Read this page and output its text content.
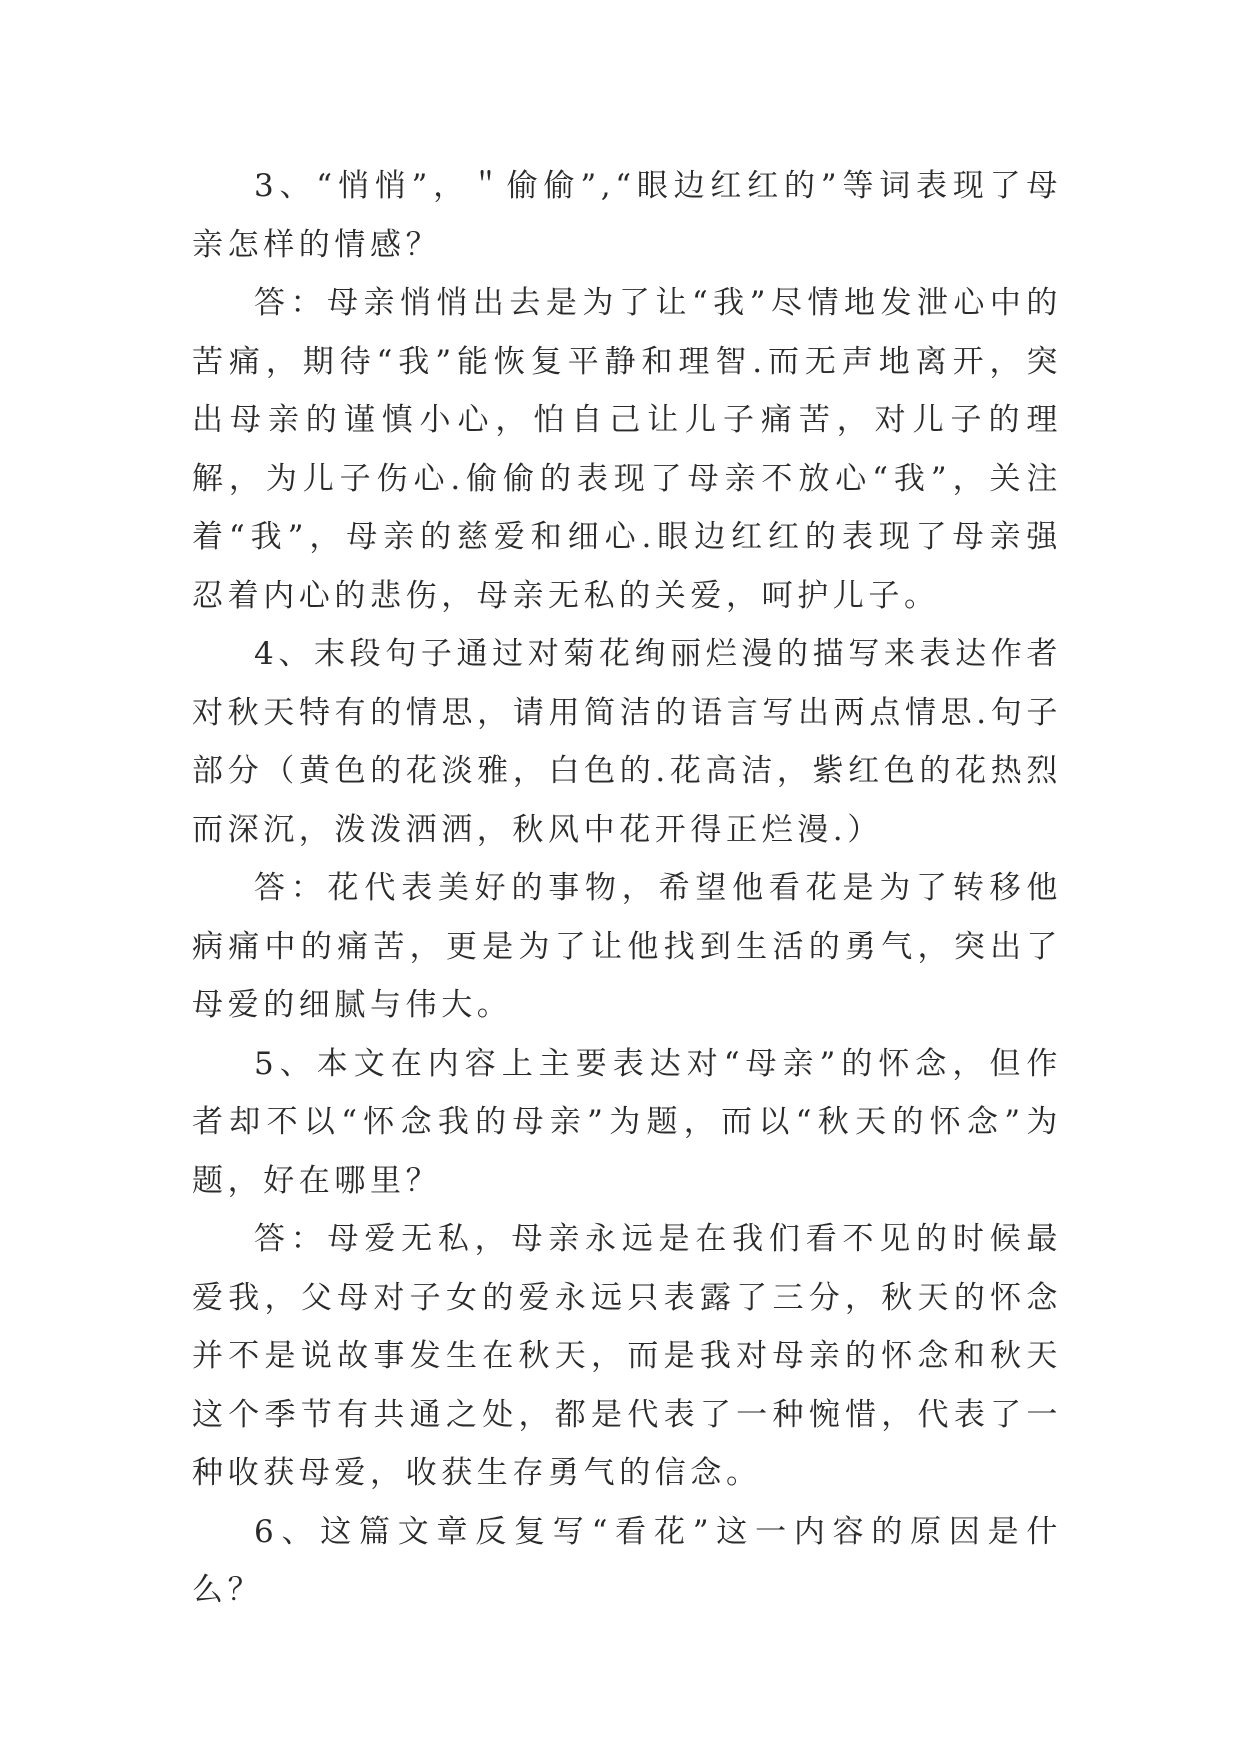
3、“悄悄”，＂偷偷”,“眼边红红的”等词表现了母亲怎样的情感？

答：母亲悄悄出去是为了让“我”尽情地发泄心中的苦痛，期待“我”能恢复平静和理智.而无声地离开，突出母亲的谨慎小心，怕自己让儿子痛苦，对儿子的理解，为儿子伤心.偷偷的表现了母亲不放心“我”，关注着“我”，母亲的慈爱和细心.眼边红红的表现了母亲强忍着内心的悲伤，母亲无私的关爱，呵护儿子。

4、末段句子通过对菊花绚丽烂漫的描写来表达作者对秋天特有的情思，请用简洁的语言写出两点情思.句子部分（黄色的花淡雅，白色的.花高洁，紫红色的花热烈而深沉，泼泼洒洒，秋风中花开得正烂漫.）

答：花代表美好的事物，希望他看花是为了转移他病痛中的痛苦，更是为了让他找到生活的勇气，突出了母爱的细腻与伟大。

5、本文在内容上主要表达对“母亲”的怀念，但作者却不以“怀念我的母亲”为题，而以“秋天的怀念”为题，好在哪里？

答：母爱无私，母亲永远是在我们看不见的时候最爱我，父母对子女的爱永远只表露了三分，秋天的怀念并不是说故事发生在秋天，而是我对母亲的怀念和秋天这个季节有共通之处，都是代表了一种惋惜，代表了一种收获母爱，收获生存勇气的信念。

6、这篇文章反复写“看花”这一内容的原因是什么？
